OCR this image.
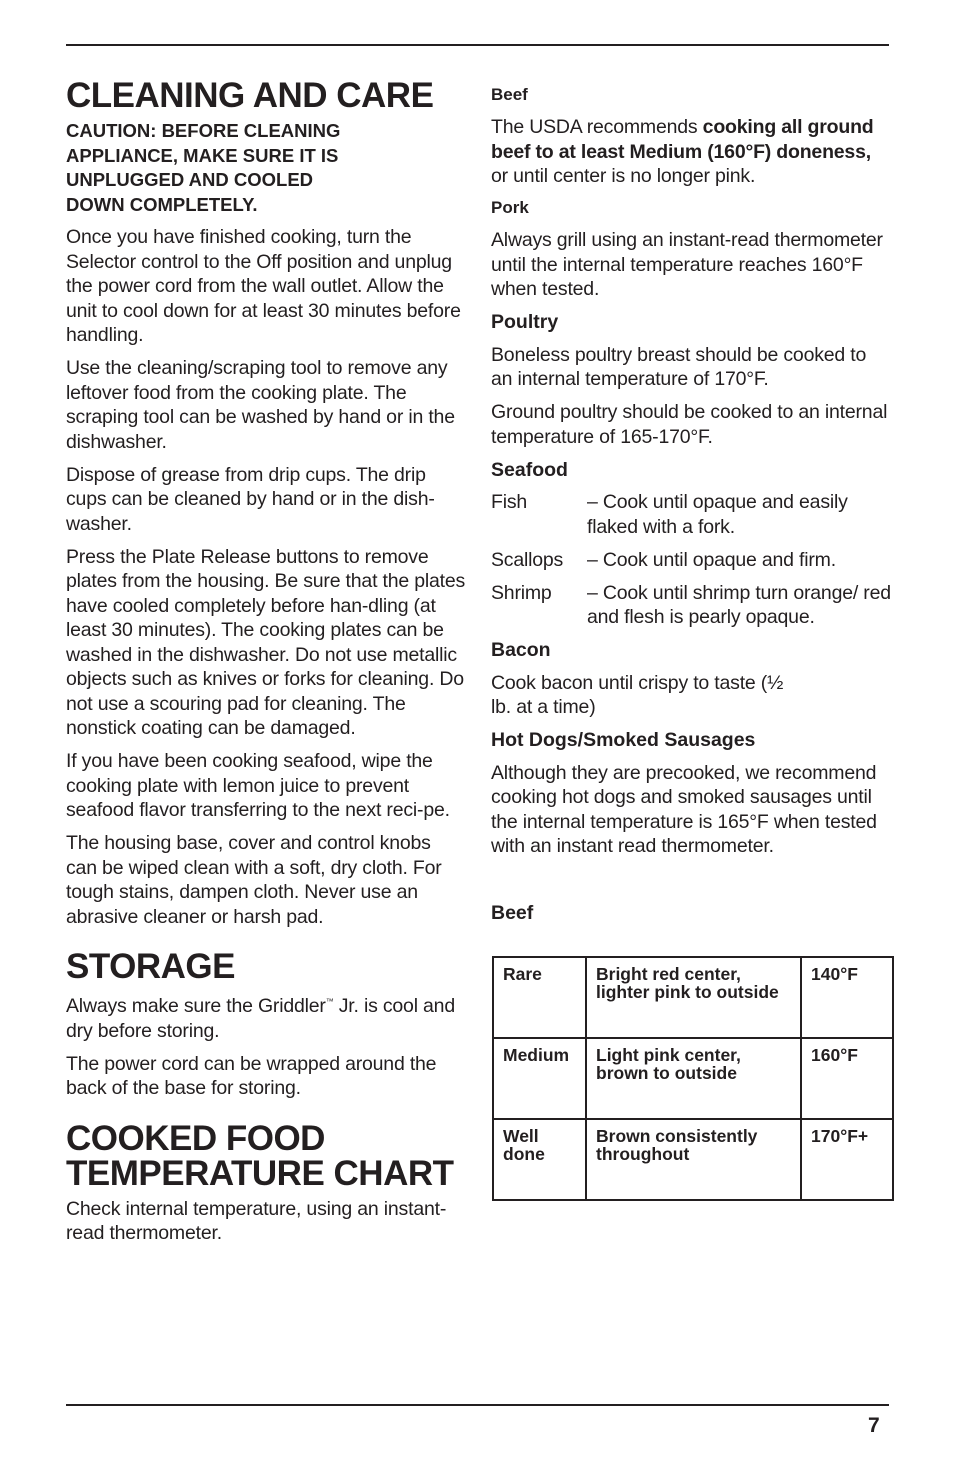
CLEANING AND CARE
CAUTION: BEFORE CLEANING APPLIANCE, MAKE SURE IT IS UNPLUGGED AND COOLED DOWN COMPLETELY.

Once you have finished cooking, turn the Selector control to the Off position and unplug the power cord from the wall outlet. Allow the unit to cool down for at least 30 minutes before handling.

Use the cleaning/scraping tool to remove any leftover food from the cooking plate. The scraping tool can be washed by hand or in the dishwasher.

Dispose of grease from drip cups. The drip cups can be cleaned by hand or in the dish-washer.

Press the Plate Release buttons to remove plates from the housing. Be sure that the plates have cooled completely before han-dling (at least 30 minutes). The cooking plates can be washed in the dishwasher. Do not use metallic objects such as knives or forks for cleaning. Do not use a scouring pad for cleaning. The nonstick coating can be damaged.

If you have been cooking seafood, wipe the cooking plate with lemon juice to prevent seafood flavor transferring to the next reci-pe.

The housing base, cover and control knobs can be wiped clean with a soft, dry cloth. For tough stains, dampen cloth. Never use an abrasive cleaner or harsh pad.

STORAGE

Always make sure the Griddler™ Jr. is cool and dry before storing.

The power cord can be wrapped around the back of the base for storing.

COOKED FOOD TEMPERATURE CHART

Check internal temperature, using an instant-read thermometer.

Beef

The USDA recommends cooking all ground beef to at least Medium (160°F) doneness, or until center is no longer pink.

Pork

Always grill using an instant-read thermometer until the internal temperature reaches 160°F when tested.

Poultry

Boneless poultry breast should be cooked to an internal temperature of 170°F.

Ground poultry should be cooked to an internal temperature of 165-170°F.

Seafood
Fish	– Cook until opaque and easily flaked with a fork.
Scallops	– Cook until opaque and firm.
Shrimp	– Cook until shrimp turn orange/ red and flesh is pearly opaque.
Bacon

Cook bacon until crispy to taste (½ lb. at a time)

Hot Dogs/Smoked Sausages

Although they are precooked, we recommend cooking hot dogs and smoked sausages until the internal temperature is 165°F when tested with an instant read thermometer.

Beef
Rare	Bright red center, lighter pink to outside	140°F
Medium	Light pink center, brown to outside	160°F
Well done	Brown consistently throughout	170°F+
7
